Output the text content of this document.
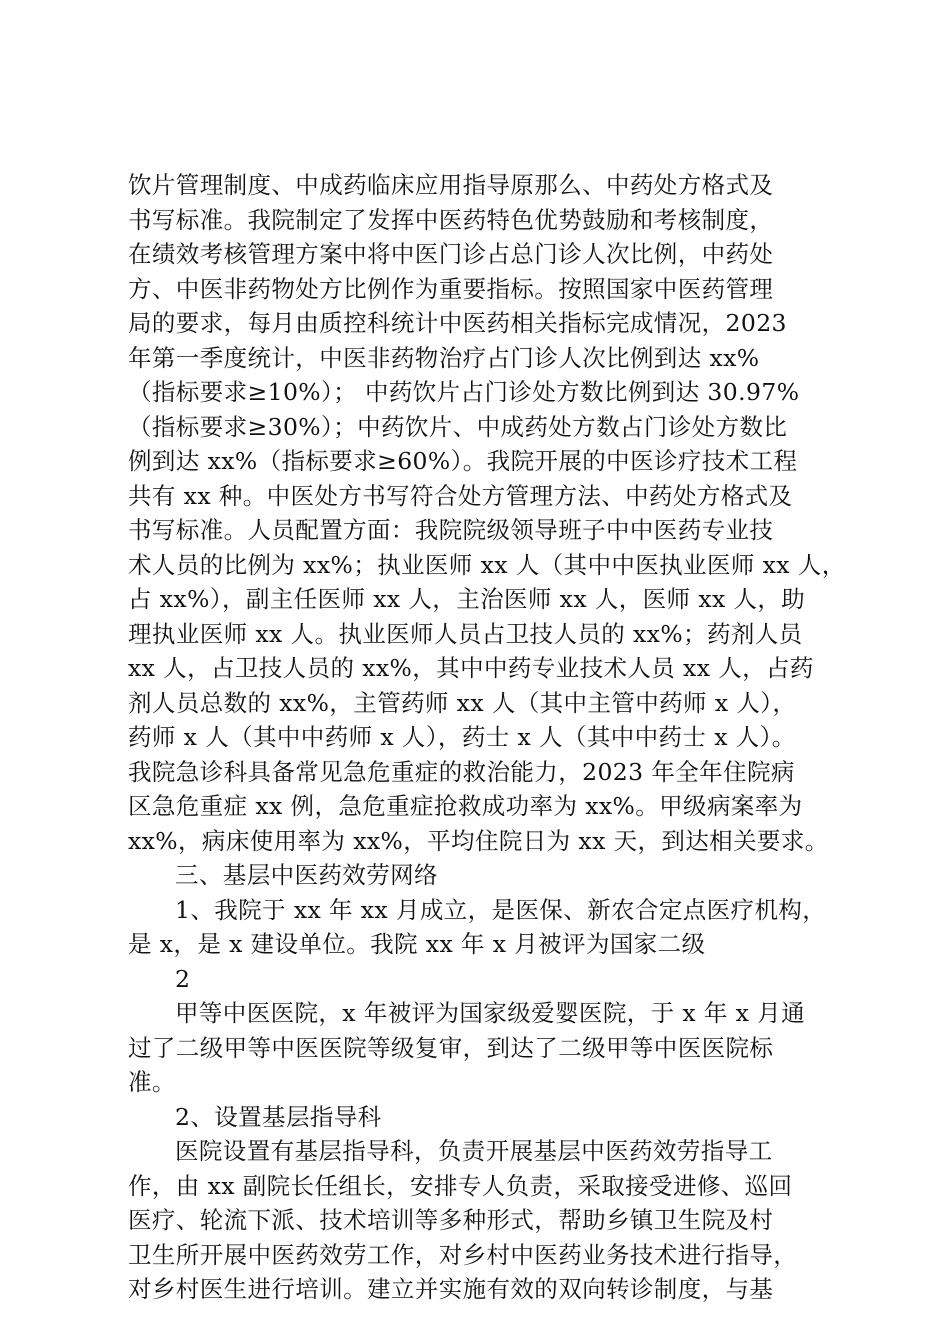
饮片管理制度、中成药临床应用指导原那么、中药处方格式及
书写标准。我院制定了发挥中医药特色优势鼓励和考核制度，
在绩效考核管理方案中将中医门诊占总门诊人次比例，中药处
方、中医非药物处方比例作为重要指标。按照国家中医药管理
局的要求，每月由质控科统计中医药相关指标完成情况，2023
年第一季度统计，中医非药物治疗占门诊人次比例到达 xx%
（指标要求≥10%）； 中药饮片占门诊处方数比例到达 30.97%
（指标要求≥30%）；中药饮片、中成药处方数占门诊处方数比
例到达 xx%（指标要求≥60%）。我院开展的中医诊疗技术工程
共有 xx 种。中医处方书写符合处方管理方法、中药处方格式及
书写标准。人员配置方面：我院院级领导班子中中医药专业技
术人员的比例为 xx%；执业医师 xx 人（其中中医执业医师 xx 人，
占 xx%），副主任医师 xx 人，主治医师 xx 人，医师 xx 人，助
理执业医师 xx 人。执业医师人员占卫技人员的 xx%；药剂人员
xx 人，占卫技人员的 xx%，其中中药专业技术人员 xx 人，占药
剂人员总数的 xx%，主管药师 xx 人（其中主管中药师 x 人），
药师 x 人（其中中药师 x 人），药士 x 人（其中中药士 x 人）。
我院急诊科具备常见急危重症的救治能力，2023 年全年住院病
区急危重症 xx 例，急危重症抢救成功率为 xx%。甲级病案率为
xx%，病床使用率为 xx%，平均住院日为 xx 天，到达相关要求。
三、基层中医药效劳网络
1、我院于 xx 年 xx 月成立，是医保、新农合定点医疗机构，
是 x，是 x 建设单位。我院 xx 年 x 月被评为国家二级
2
甲等中医医院，x 年被评为国家级爱婴医院，于 x 年 x 月通
过了二级甲等中医医院等级复审，到达了二级甲等中医医院标
准。
2、设置基层指导科
医院设置有基层指导科，负责开展基层中医药效劳指导工
作，由 xx 副院长任组长，安排专人负责，采取接受进修、巡回
医疗、轮流下派、技术培训等多种形式，帮助乡镇卫生院及村
卫生所开展中医药效劳工作，对乡村中医药业务技术进行指导，
对乡村医生进行培训。建立并实施有效的双向转诊制度，与基
